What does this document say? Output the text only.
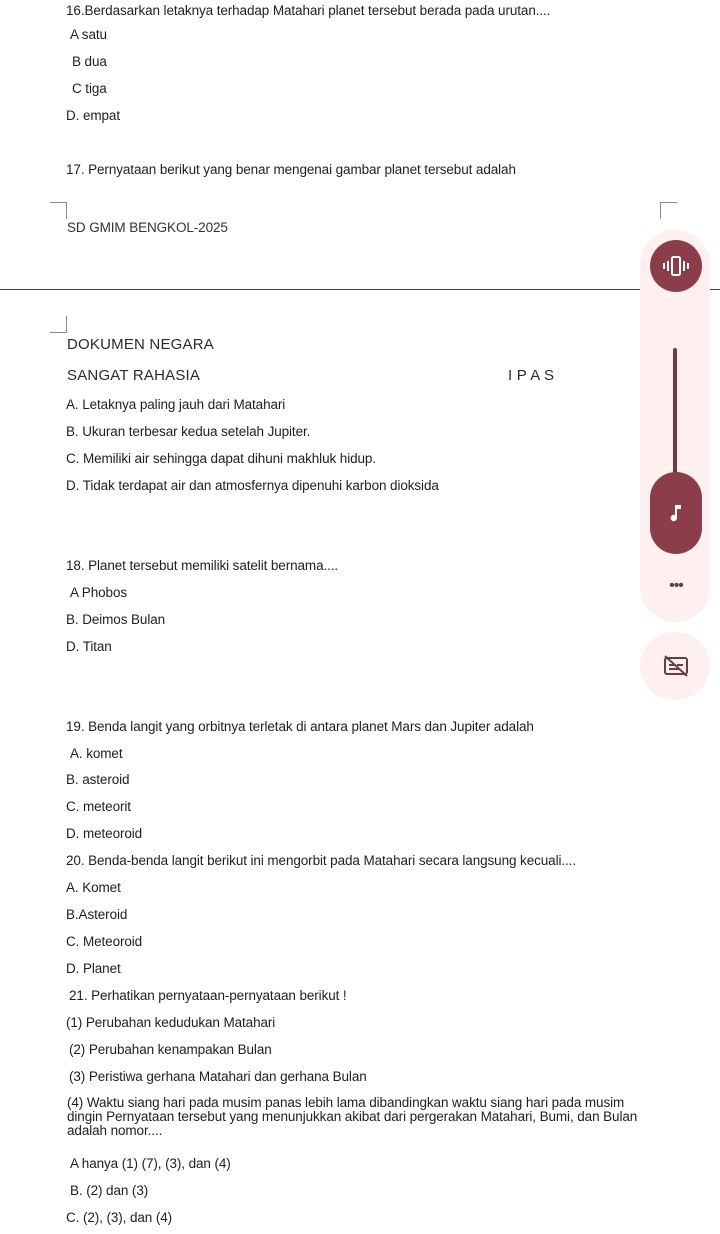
16.Berdasarkan letaknya terhadap Matahari planet tersebut berada pada urutan....
A satu
B dua
C tiga
D. empat
17. Pernyataan berikut yang benar mengenai gambar planet tersebut adalah
SD GMIM BENGKOL-2025
DOKUMEN NEGARA
SANGAT RAHASIA	I P A S
A. Letaknya paling jauh dari Matahari
B. Ukuran terbesar kedua setelah Jupiter.
C. Memiliki air sehingga dapat dihuni makhluk hidup.
D. Tidak terdapat air dan atmosfernya dipenuhi karbon dioksida
18. Planet tersebut memiliki satelit bernama....
A Phobos
B. Deimos Bulan
D. Titan
19. Benda langit yang orbitnya terletak di antara planet Mars dan Jupiter adalah
A. komet
B. asteroid
C. meteorit
D. meteoroid
20. Benda-benda langit berikut ini mengorbit pada Matahari secara langsung kecuali....
A. Komet
B.Asteroid
C. Meteoroid
D. Planet
21. Perhatikan pernyataan-pernyataan berikut !
(1) Perubahan kedudukan Matahari
(2) Perubahan kenampakan Bulan
(3) Peristiwa gerhana Matahari dan gerhana Bulan
(4) Waktu siang hari pada musim panas lebih lama dibandingkan waktu siang hari pada musim dingin Pernyataan tersebut yang menunjukkan akibat dari pergerakan Matahari, Bumi, dan Bulan adalah nomor....
A hanya (1) (7), (3), dan (4)
B. (2) dan (3)
C. (2), (3), dan (4)
•••
